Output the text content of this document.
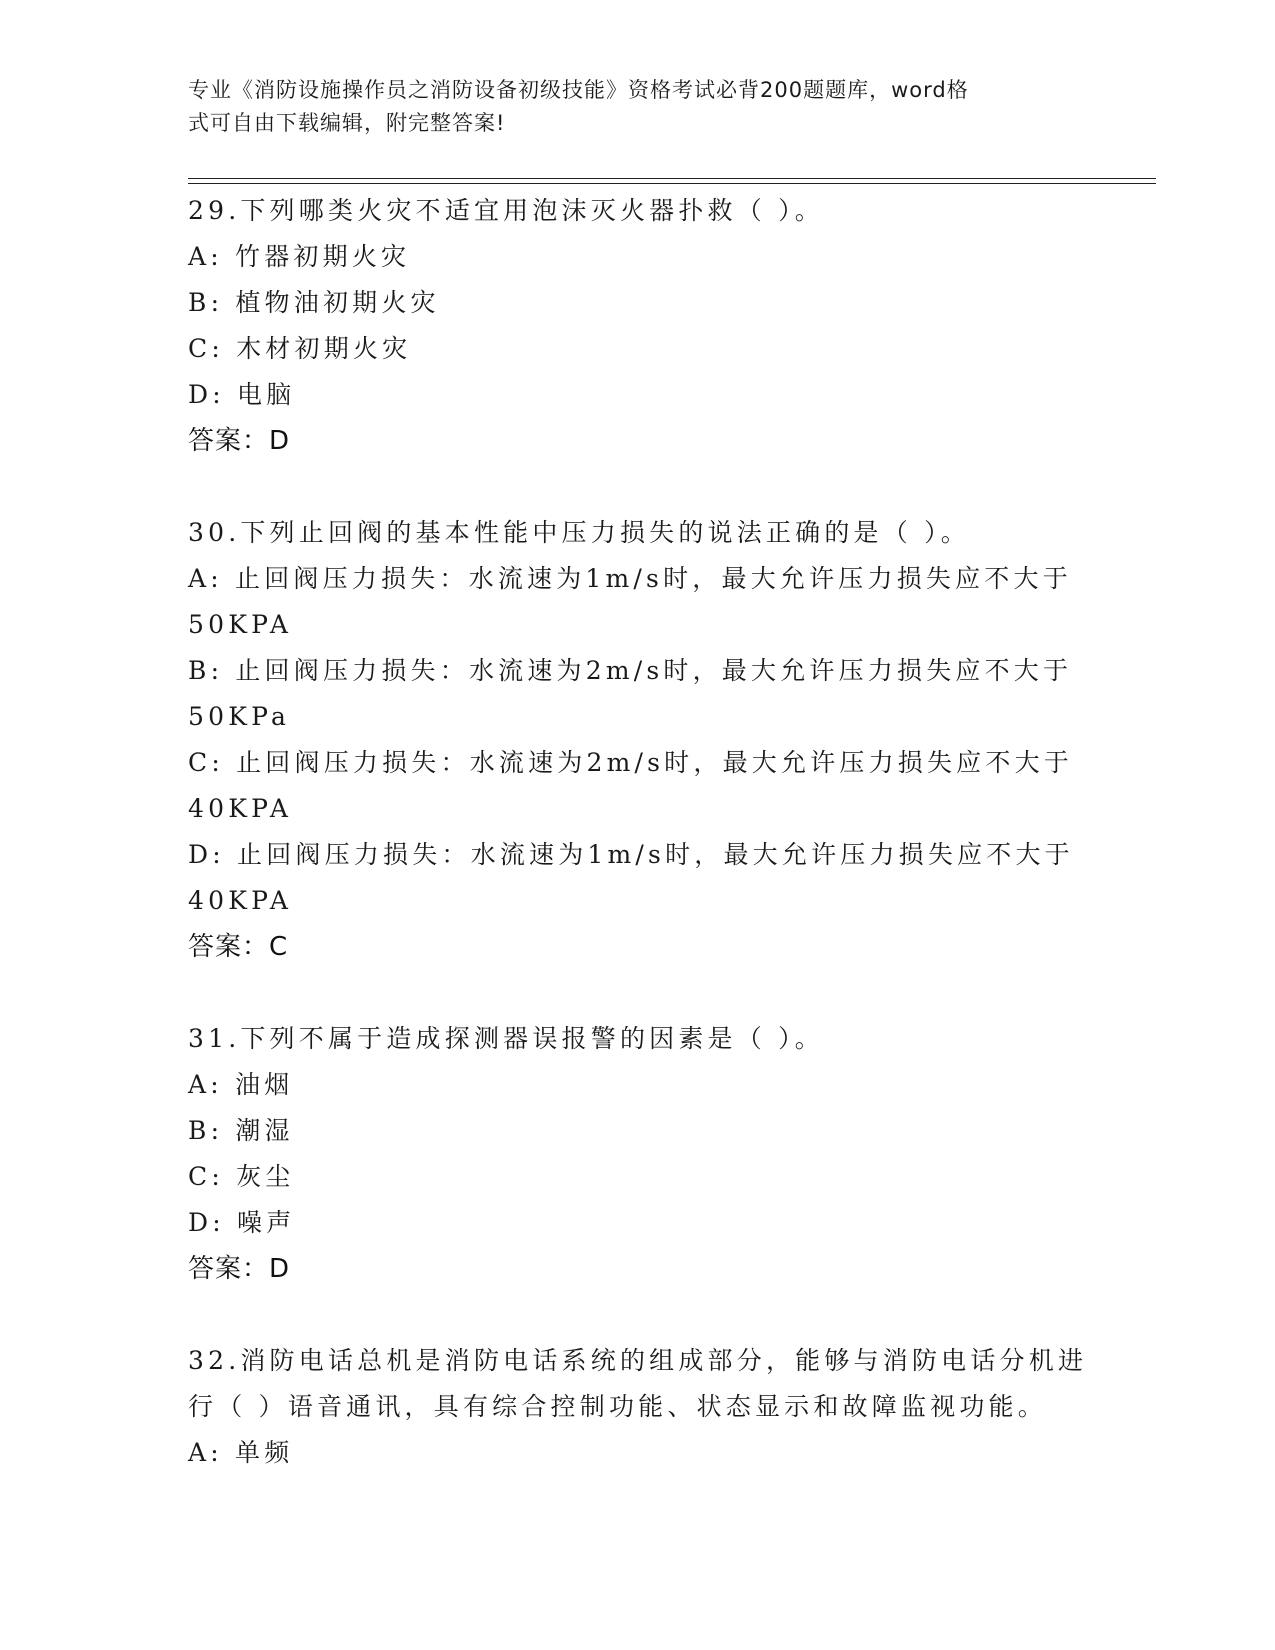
专业《消防设施操作员之消防设备初级技能》资格考试必背200题题库，word格
式可自由下载编辑，附完整答案!
29.下列哪类火灾不适宜用泡沫灭火器扑救（ ）。
A: 竹器初期火灾
B: 植物油初期火灾
C: 木材初期火灾
D: 电脑
答案：D
30.下列止回阀的基本性能中压力损失的说法正确的是（ ）。
A: 止回阀压力损失：水流速为1m/s时，最大允许压力损失应不大于
50KPA
B: 止回阀压力损失：水流速为2m/s时，最大允许压力损失应不大于
50KPa
C: 止回阀压力损失：水流速为2m/s时，最大允许压力损失应不大于
40KPA
D: 止回阀压力损失：水流速为1m/s时，最大允许压力损失应不大于
40KPA
答案：C
31.下列不属于造成探测器误报警的因素是（ ）。
A: 油烟
B: 潮湿
C: 灰尘
D: 噪声
答案：D
32.消防电话总机是消防电话系统的组成部分，能够与消防电话分机进
行（ ）语音通讯，具有综合控制功能、状态显示和故障监视功能。
A: 单频
